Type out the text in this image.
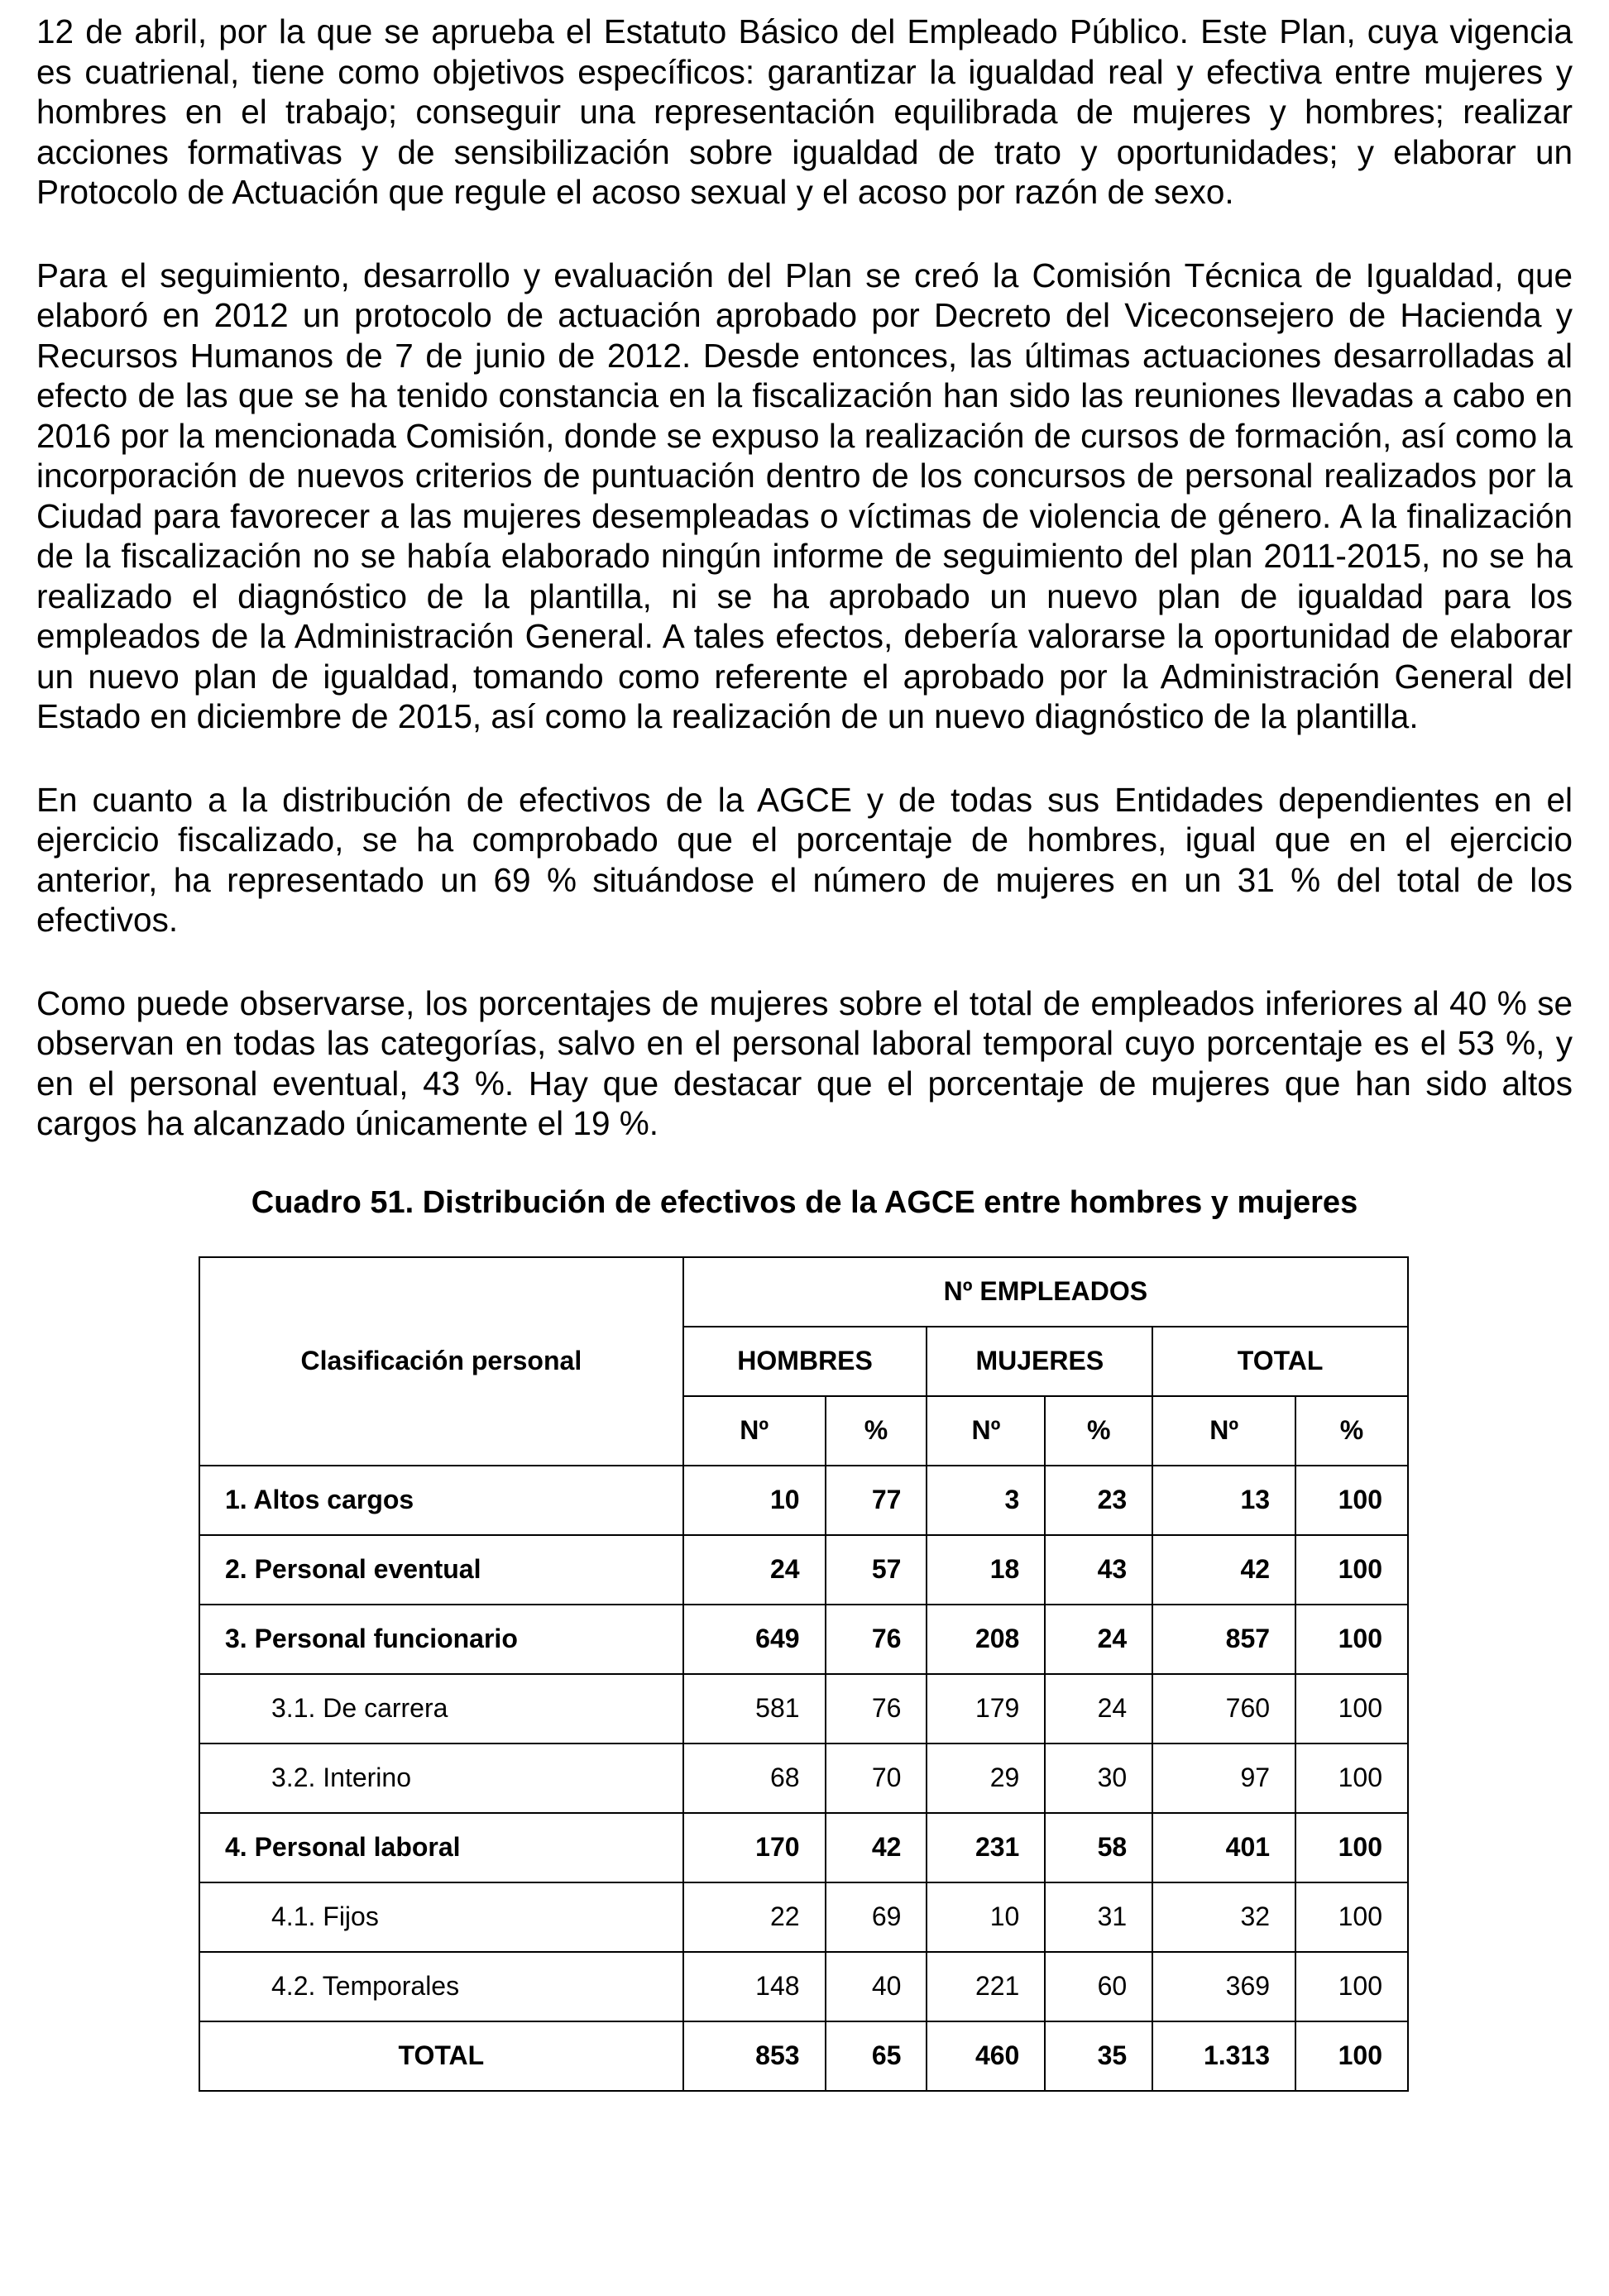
12 de abril, por la que se aprueba el Estatuto Básico del Empleado Público. Este Plan, cuya vigencia es cuatrienal, tiene como objetivos específicos: garantizar la igualdad real y efectiva entre mujeres y hombres en el trabajo; conseguir una representación equilibrada de mujeres y hombres; realizar acciones formativas y de sensibilización sobre igualdad de trato y oportunidades; y elaborar un Protocolo de Actuación que regule el acoso sexual y el acoso por razón de sexo.

Para el seguimiento, desarrollo y evaluación del Plan se creó la Comisión Técnica de Igualdad, que elaboró en 2012 un protocolo de actuación aprobado por Decreto del Viceconsejero de Hacienda y Recursos Humanos de 7 de junio de 2012. Desde entonces, las últimas actuaciones desarrolladas al efecto de las que se ha tenido constancia en la fiscalización han sido las reuniones llevadas a cabo en 2016 por la mencionada Comisión, donde se expuso la realización de cursos de formación, así como la incorporación de nuevos criterios de puntuación dentro de los concursos de personal realizados por la Ciudad para favorecer a las mujeres desempleadas o víctimas de violencia de género. A la finalización de la fiscalización no se había elaborado ningún informe de seguimiento del plan 2011-2015, no se ha realizado el diagnóstico de la plantilla, ni se ha aprobado un nuevo plan de igualdad para los empleados de la Administración General. A tales efectos, debería valorarse la oportunidad de elaborar un nuevo plan de igualdad, tomando como referente el aprobado por la Administración General del Estado en diciembre de 2015, así como la realización de un nuevo diagnóstico de la plantilla.

En cuanto a la distribución de efectivos de la AGCE y de todas sus Entidades dependientes en el ejercicio fiscalizado, se ha comprobado que el porcentaje de hombres, igual que en el ejercicio anterior, ha representado un 69 % situándose el número de mujeres en un 31 % del total de los efectivos.

Como puede observarse, los porcentajes de mujeres sobre el total de empleados inferiores al 40 % se observan en todas las categorías, salvo en el personal laboral temporal cuyo porcentaje es el 53 %, y en el personal eventual, 43 %. Hay que destacar que el porcentaje de mujeres que han sido altos cargos ha alcanzado únicamente el 19 %.

Cuadro 51. Distribución de efectivos de la AGCE entre hombres y mujeres
Clasificación personal	Nº EMPLEADOS					
	HOMBRES		MUJERES		TOTAL	
	Nº	%	Nº	%	Nº	%
1. Altos cargos	10	77	3	23	13	100
2. Personal eventual	24	57	18	43	42	100
3. Personal funcionario	649	76	208	24	857	100
3.1. De carrera	581	76	179	24	760	100
3.2. Interino	68	70	29	30	97	100
4. Personal laboral	170	42	231	58	401	100
4.1. Fijos	22	69	10	31	32	100
4.2. Temporales	148	40	221	60	369	100
TOTAL	853	65	460	35	1.313	100
